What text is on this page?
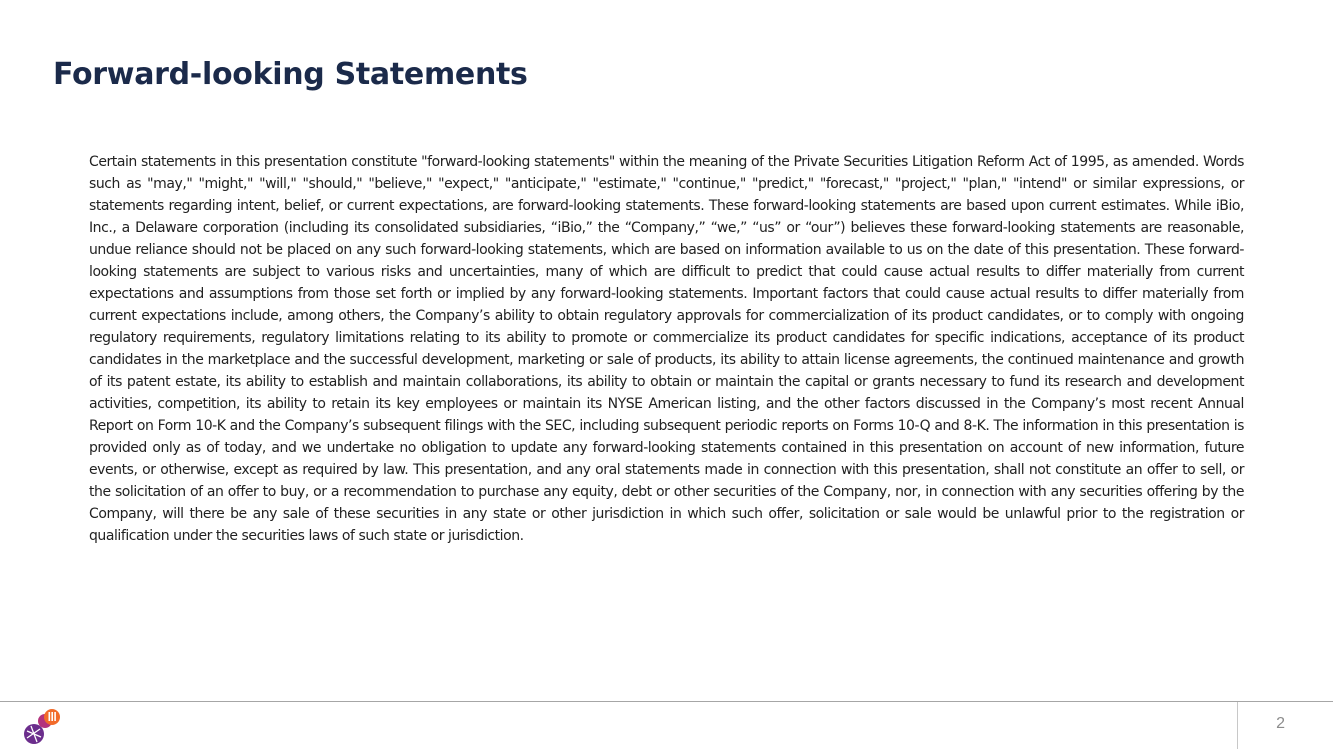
Forward-looking Statements

Certain statements in this presentation constitute "forward-looking statements" within the meaning of the Private Securities Litigation Reform Act of 1995, as amended. Words such as "may," "might," "will," "should," "believe," "expect," "anticipate," "estimate," "continue," "predict," "forecast," "project," "plan," "intend" or similar expressions, or statements regarding intent, belief, or current expectations, are forward-looking statements. These forward-looking statements are based upon current estimates. While iBio, Inc., a Delaware corporation (including its consolidated subsidiaries, “iBio,” the “Company,” “we,” “us” or “our”) believes these forward-looking statements are reasonable, undue reliance should not be placed on any such forward-looking statements, which are based on information available to us on the date of this presentation. These forward-looking statements are subject to various risks and uncertainties, many of which are difficult to predict that could cause actual results to differ materially from current expectations and assumptions from those set forth or implied by any forward-looking statements. Important factors that could cause actual results to differ materially from current expectations include, among others, the Company’s ability to obtain regulatory approvals for commercialization of its product candidates, or to comply with ongoing regulatory requirements, regulatory limitations relating to its ability to promote or commercialize its product candidates for specific indications, acceptance of its product candidates in the marketplace and the successful development, marketing or sale of products, its ability to attain license agreements, the continued maintenance and growth of its patent estate, its ability to establish and maintain collaborations, its ability to obtain or maintain the capital or grants necessary to fund its research and development activities, competition, its ability to retain its key employees or maintain its NYSE American listing, and the other factors discussed in the Company’s most recent Annual Report on Form 10-K and the Company’s subsequent filings with the SEC, including subsequent periodic reports on Forms 10-Q and 8-K. The information in this presentation is provided only as of today, and we undertake no obligation to update any forward-looking statements contained in this presentation on account of new information, future events, or otherwise, except as required by law. This presentation, and any oral statements made in connection with this presentation, shall not constitute an offer to sell, or the solicitation of an offer to buy, or a recommendation to purchase any equity, debt or other securities of the Company, nor, in connection with any securities offering by the Company, will there be any sale of these securities in any state or other jurisdiction in which such offer, solicitation or sale would be unlawful prior to the registration or qualification under the securities laws of such state or jurisdiction.

2
